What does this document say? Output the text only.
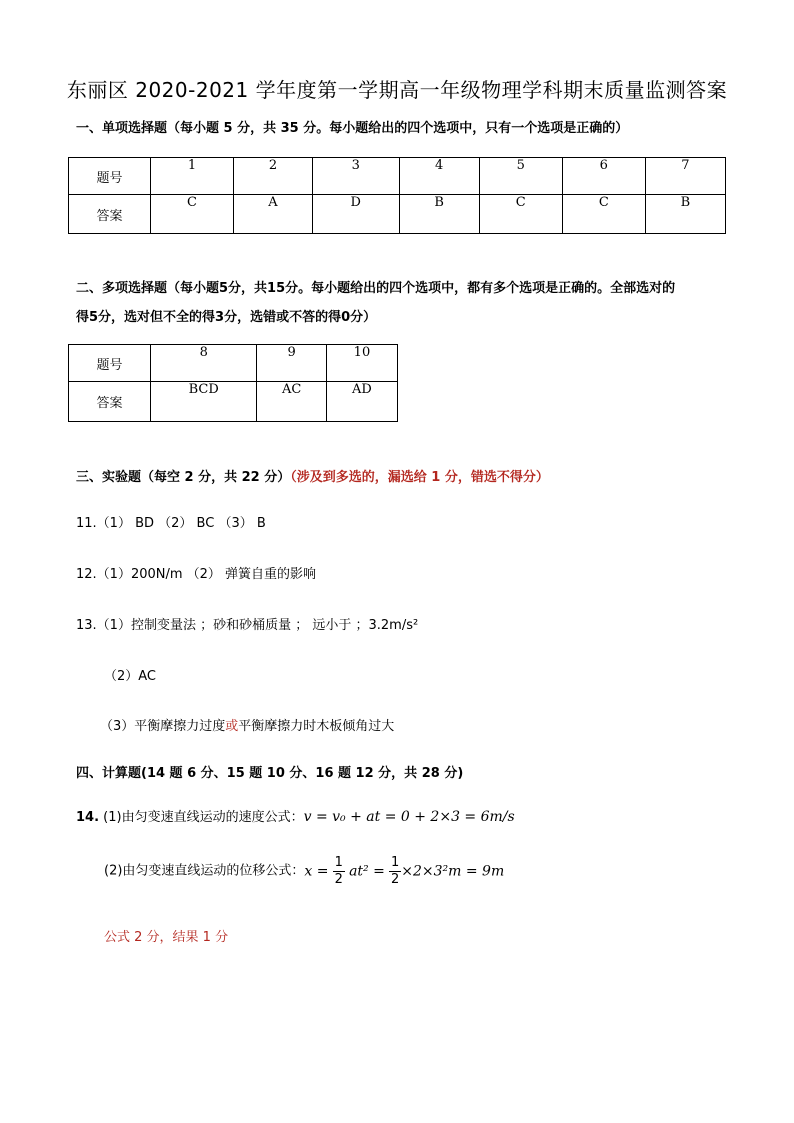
东丽区 2020-2021 学年度第一学期高一年级物理学科期末质量监测答案
一、单项选择题（每小题 5 分，共 35 分。每小题给出的四个选项中，只有一个选项是正确的）
题号	1	2	3	4	5	6	7
答案	C	A	D	B	C	C	B
二、多项选择题（每小题5分，共15分。每小题给出的四个选项中，都有多个选项是正确的。全部选对的
得5分，选对但不全的得3分，选错或不答的得0分）
题号	8	9	10
答案	BCD	AC	AD
三、实验题（每空 2 分，共 22 分）（涉及到多选的，漏选给 1 分，错选不得分）
11.（1） BD （2） BC （3） B
12.（1）200N/m （2） 弹簧自重的影响
13.（1）控制变量法 ；砂和砂桶质量 ； 远小于 ；3.2m/s²
（2）AC
（3）平衡摩擦力过度或平衡摩擦力时木板倾角过大
四、计算题(14 题 6 分、15 题 10 分、16 题 12 分，共 28 分)
14. (1)由匀变速直线运动的速度公式：v = v₀ + at = 0 + 2×3 = 6m/s
(2)由匀变速直线运动的位移公式：$x = \frac{1}{2} at^2 = \frac{1}{2} \times 2\times 3^2m = 9m$
公式 2 分，结果 1 分
